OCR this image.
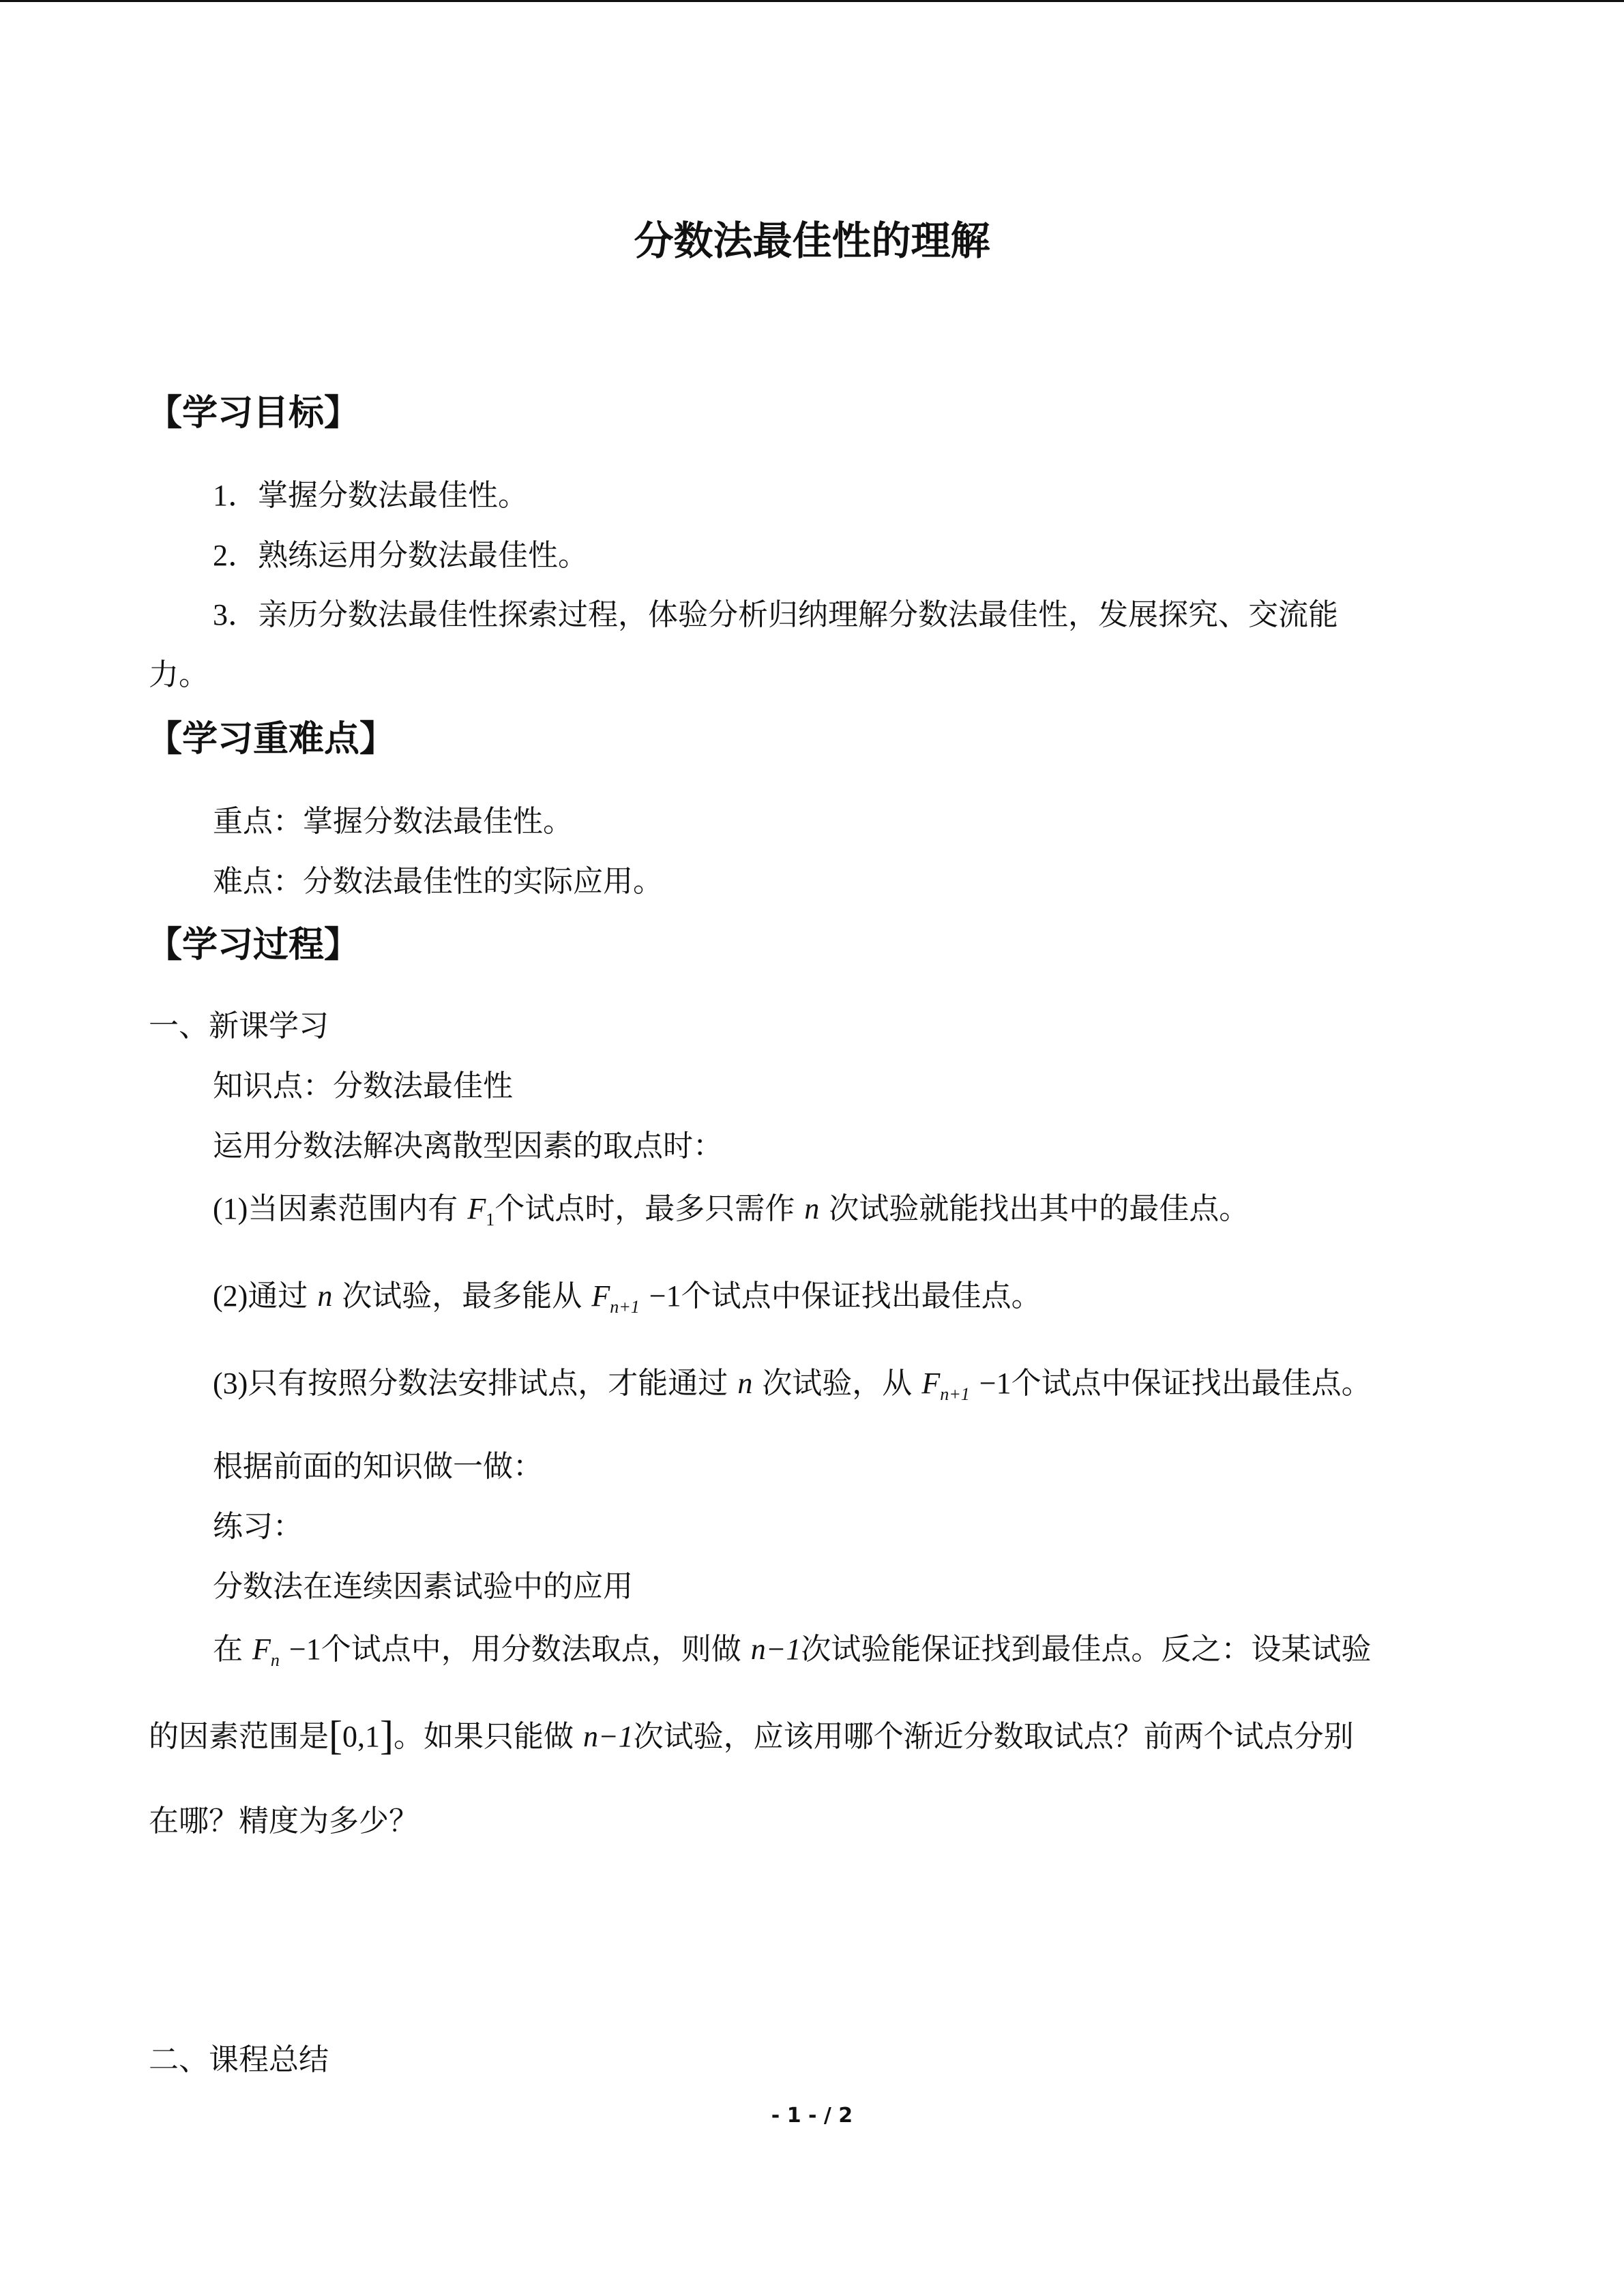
分数法最佳性的理解
【学习目标】

1．掌握分数法最佳性。

2．熟练运用分数法最佳性。

3．亲历分数法最佳性探索过程，体验分析归纳理解分数法最佳性，发展探究、交流能

力。

【学习重难点】

重点：掌握分数法最佳性。

难点：分数法最佳性的实际应用。

【学习过程】

一、新课学习

知识点：分数法最佳性

运用分数法解决离散型因素的取点时：

(1)当因素范围内有 $F_1$个试点时，最多只需作 n 次试验就能找出其中的最佳点。

(2)通过 n 次试验，最多能从 $F_{n+1} -1$个试点中保证找出最佳点。

(3)只有按照分数法安排试点，才能通过 n 次试验，从 $F_{n+1} -1$个试点中保证找出最佳点。

根据前面的知识做一做：

练习：

分数法在连续因素试验中的应用

在 $F_n -1$个试点中，用分数法取点，则做 n−1次试验能保证找到最佳点。反之：设某试验

的因素范围是[0,1]。如果只能做 n−1次试验，应该用哪个渐近分数取试点？前两个试点分别

在哪？精度为多少？

二、课程总结

- 1 - / 2
